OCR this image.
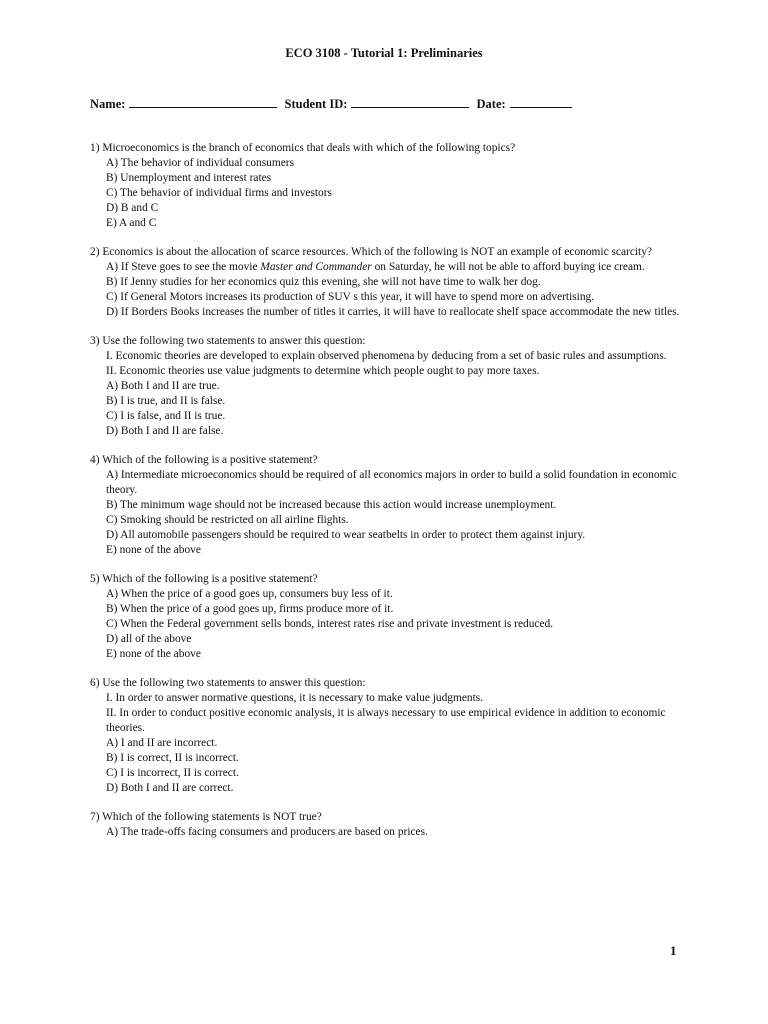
ECO 3108 - Tutorial 1: Preliminaries
Name:	Student ID:	Date:

1) Microeconomics is the branch of economics that deals with which of the following topics?

A) The behavior of individual consumers

B) Unemployment and interest rates

C) The behavior of individual firms and investors

D) B and C

E) A and C

2) Economics is about the allocation of scarce resources. Which of the following is NOT an example of economic scarcity?

A) If Steve goes to see the movie Master and Commander on Saturday, he will not be able to afford buying ice cream.

B) If Jenny studies for her economics quiz this evening, she will not have time to walk her dog.

C) If General Motors increases its production of SUV s this year, it will have to spend more on advertising.

D) If Borders Books increases the number of titles it carries, it will have to reallocate shelf space accommodate the new titles.

3) Use the following two statements to answer this question:

I. Economic theories are developed to explain observed phenomena by deducing from a set of basic rules and assumptions.

II. Economic theories use value judgments to determine which people ought to pay more taxes.

A) Both I and II are true.

B) I is true, and II is false.

C) I is false, and II is true.

D) Both I and II are false.

4) Which of the following is a positive statement?

A) Intermediate microeconomics should be required of all economics majors in order to build a solid foundation in economic theory.

B) The minimum wage should not be increased because this action would increase unemployment.

C) Smoking should be restricted on all airline flights.

D) All automobile passengers should be required to wear seatbelts in order to protect them against injury.

E) none of the above

5) Which of the following is a positive statement?

A) When the price of a good goes up, consumers buy less of it.

B) When the price of a good goes up, firms produce more of it.

C) When the Federal government sells bonds, interest rates rise and private investment is reduced.

D) all of the above

E) none of the above

6) Use the following two statements to answer this question:

I. In order to answer normative questions, it is necessary to make value judgments.

II. In order to conduct positive economic analysis, it is always necessary to use empirical evidence in addition to economic theories.

A) I and II are incorrect.

B) I is correct, II is incorrect.

C) I is incorrect, II is correct.

D) Both I and II are correct.

7) Which of the following statements is NOT true?

A) The trade-offs facing consumers and producers are based on prices.

1
